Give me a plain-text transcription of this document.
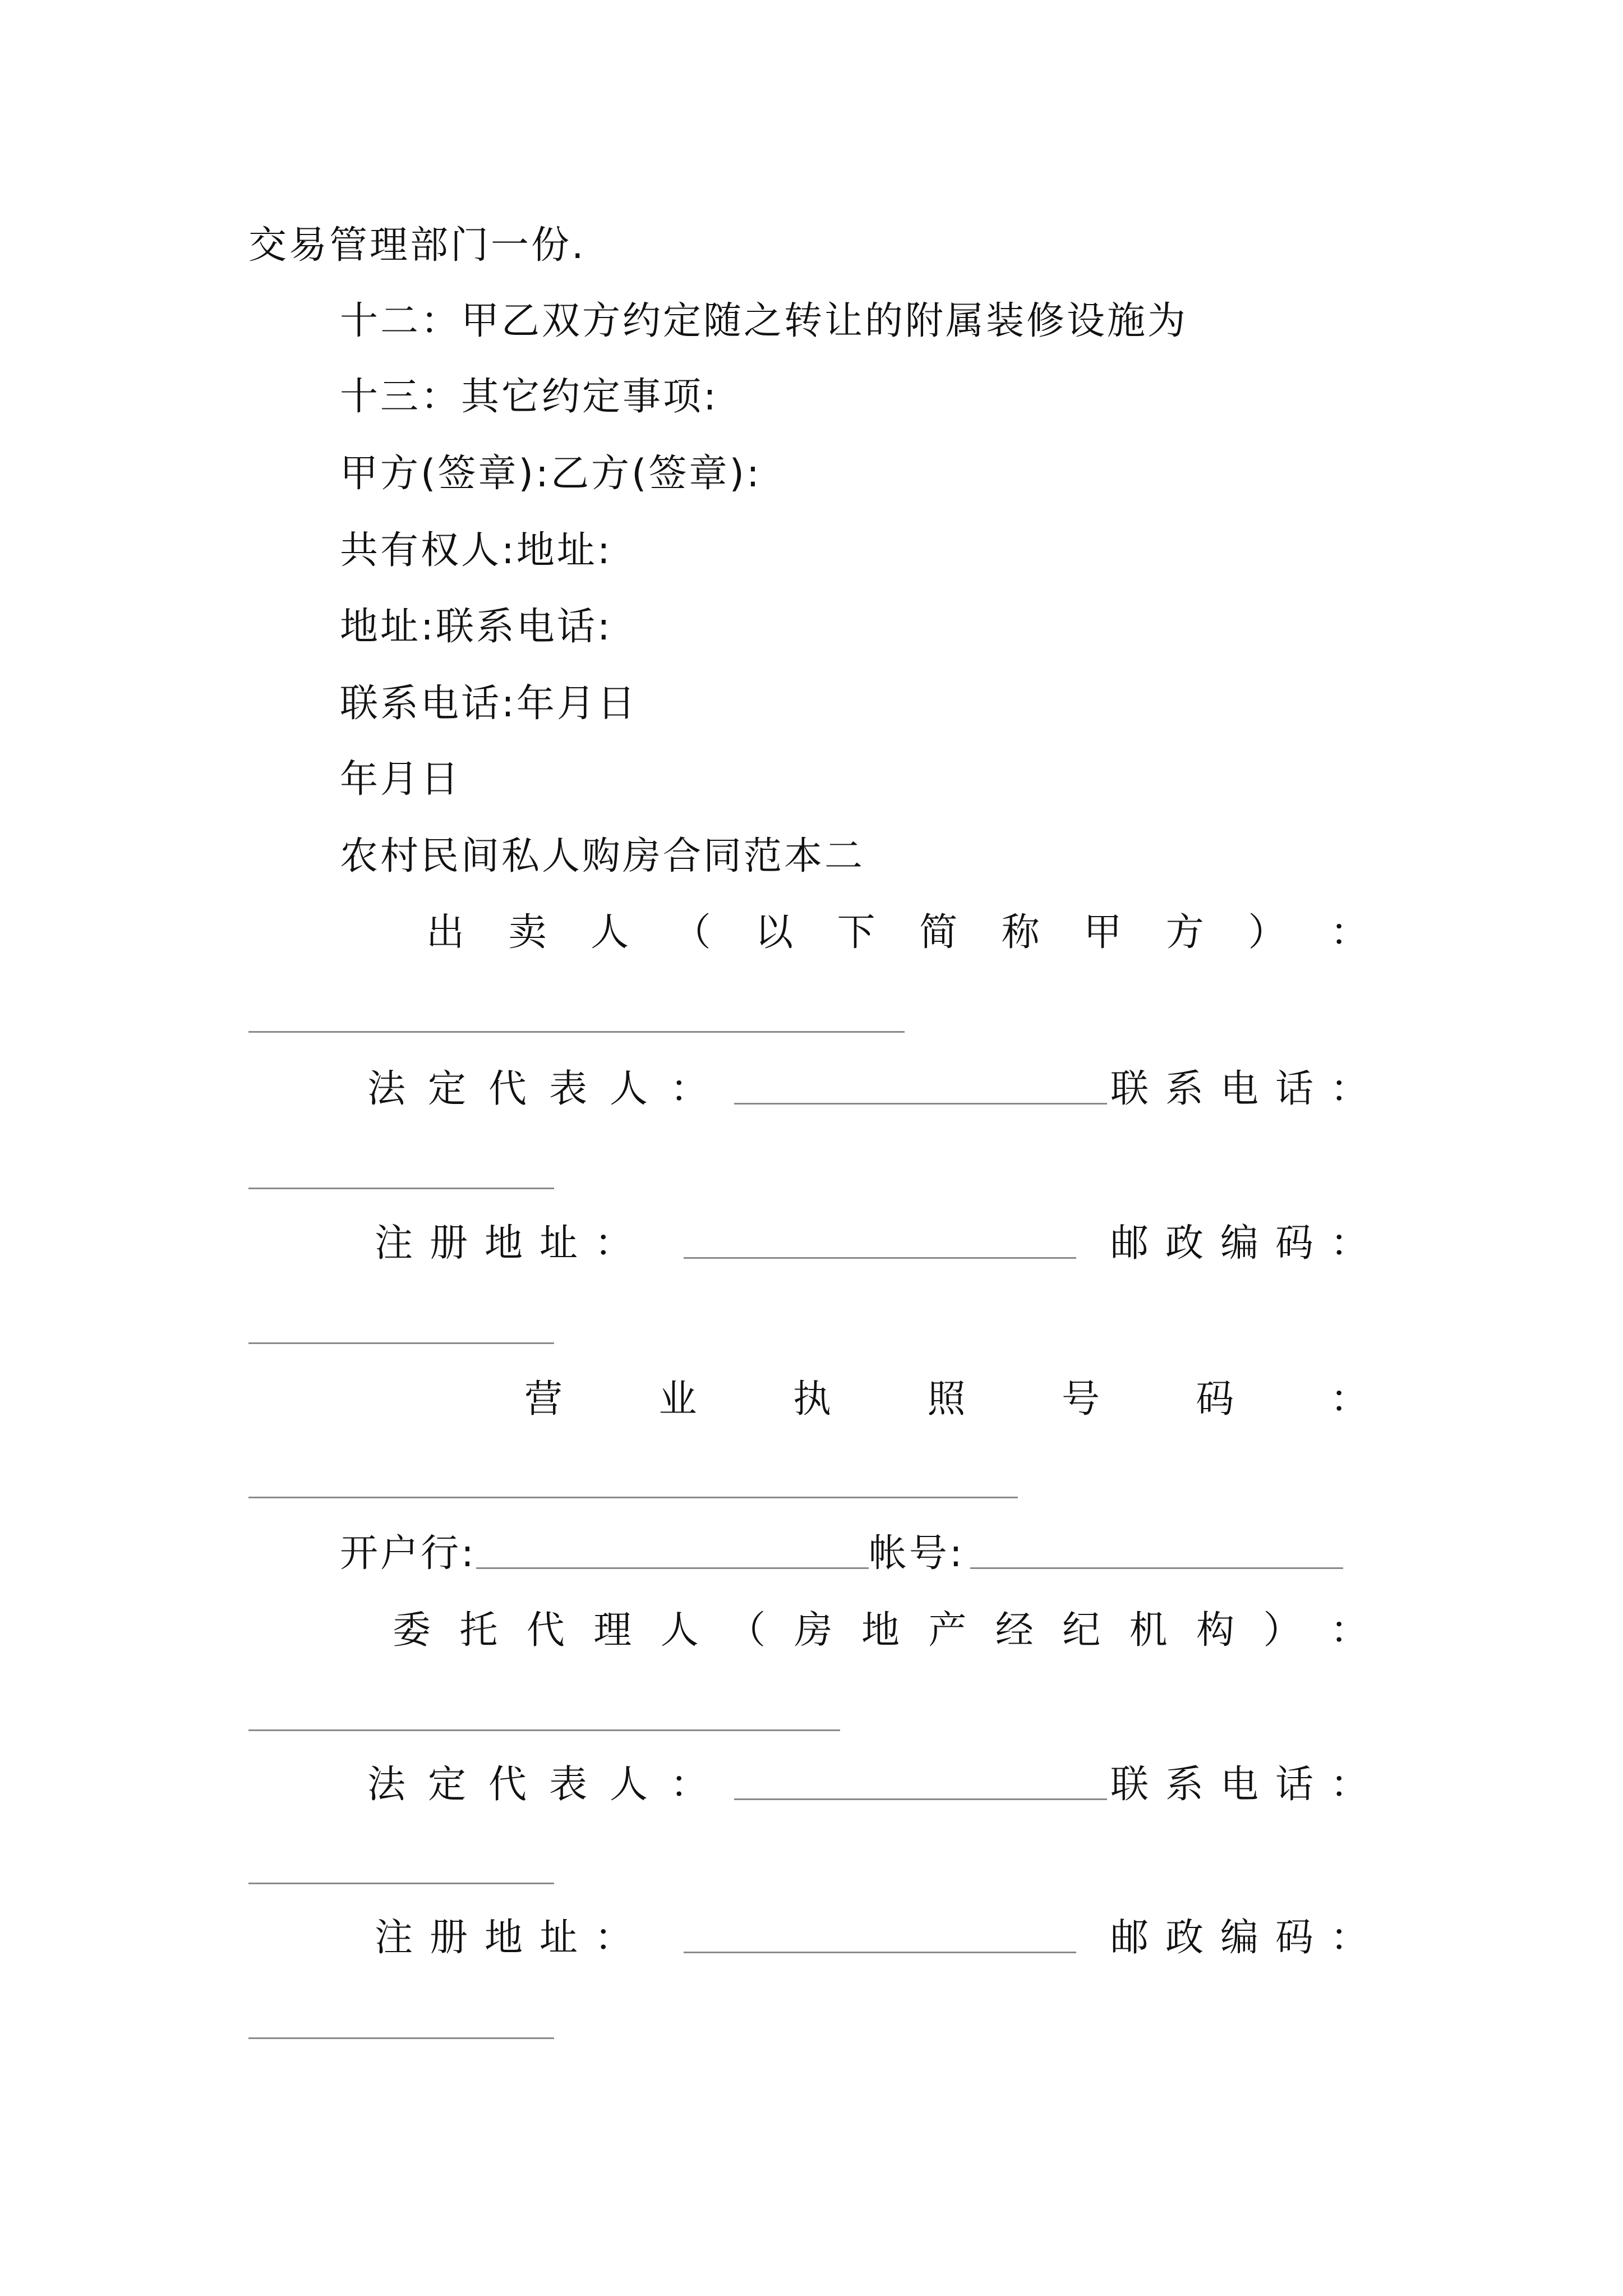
交易管理部门一份.
十二：甲乙双方约定随之转让的附属装修设施为
十三：其它约定事项:
甲方(签章):乙方(签章):
共有权人:地址:
地址:联系电话:
联系电话:年月日
年月日
农村民间私人购房合同范本二
出 卖 人 （ 以 下 简 称 甲 方 ） ：
法定代表人：	联系电话：
注册地址：	邮政编码：
营	业	执	照	号	码	：
开户行:	帐号:
委 托 代 理 人 （ 房 地 产 经 纪 机 构 ） ：
法定代表人：	联系电话：
注册地址：	邮政编码：
